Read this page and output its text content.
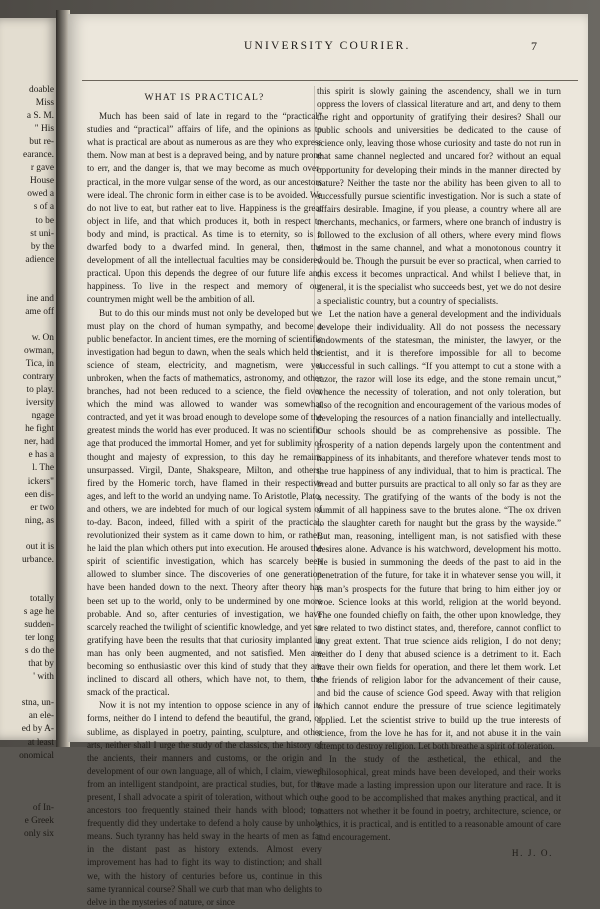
doable
Miss
a S. M.
" His
but re-
earance.
r gave
House
owed a
s of a
to be
st uni-
by the
adience
ine and
ame off
w. On
owman,
Tica, in
contrary
to play.
iversity
ngage
he fight
ner, had
e has a
l. The
ickers"
een dis-
er two
ning, as
out it is
urbance.
totally
s age he
sudden-
ter long
s do the
that by
' with
stna, un-
an ele-
ed by A-
at least
onomical
of In-
e Greek
only six
UNIVERSITY COURIER.	7
WHAT IS PRACTICAL?

Much has been said of late in regard to the “practical” studies and “practical” affairs of life, and the opinions as to what is practical are about as numerous as are they who express them. Now man at best is a depraved being, and by nature prone to err, and the danger is, that we may become as much over-practical, in the more vulgar sense of the word, as our ancestors were ideal. The chronic form in either case is to be avoided. We do not live to eat, but rather eat to live. Happiness is the great object in life, and that which produces it, both in respect to body and mind, is practical. As time is to eternity, so is a dwarfed body to a dwarfed mind. In general, then, the development of all the intellectual faculties may be considered practical. Upon this depends the degree of our future life and happiness. To live in the respect and memory of our countrymen might well be the ambition of all.

But to do this our minds must not only be developed but we must play on the chord of human sympathy, and become a public benefactor. In ancient times, ere the morning of scientific investigation had begun to dawn, when the seals which held the science of steam, electricity, and magnetism, were yet unbroken, when the facts of mathematics, astronomy, and other branches, had not been reduced to a science, the field over which the mind was allowed to wander was somewhat contracted, and yet it was broad enough to develope some of the greatest minds the world has ever produced. It was no scientific age that produced the immortal Homer, and yet for sublimity of thought and majesty of expression, to this day he remains unsurpassed. Virgil, Dante, Shakspeare, Milton, and others, fired by the Homeric torch, have flamed in their respective ages, and left to the world an undying name. To Aristotle, Plato, and others, we are indebted for much of our logical system of to-day. Bacon, indeed, filled with a spirit of the practical, revolutionized their system as it came down to him, or rather, he laid the plan which others put into execution. He aroused the spirit of scientific investigation, which has scarcely been allowed to slumber since. The discoveries of one generation have been handed down to the next. Theory after theory has been set up to the world, only to be undermined by one more probable. And so, after centuries of investigation, we have scarcely reached the twilight of scientific knowledge, and yet so gratifying have been the results that that curiosity implanted in man has only been augmented, and not satisfied. Men are becoming so enthusiastic over this kind of study that they are inclined to discard all others, which have not, to them, the smack of the practical.

Now it is not my intention to oppose science in any of its forms, neither do I intend to defend the beautiful, the grand, or sublime, as displayed in poetry, painting, sculpture, and other arts, neither shall I urge the study of the classics, the history of the ancients, their manners and customs, or the origin and development of our own language, all of which, I claim, viewed from an intelligent standpoint, are practical studies, but, for the present, I shall advocate a spirit of toleration, without which our ancestors too frequently stained their hands with blood; too frequently did they undertake to defend a holy cause by unholy means. Such tyranny has held sway in the hearts of men as far in the distant past as history extends. Almost every improvement has had to fight its way to distinction; and shall we, with the history of centuries before us, continue in this same tyrannical course? Shall we curb that man who delights to delve in the mysteries of nature, or since

this spirit is slowly gaining the ascendency, shall we in turn oppress the lovers of classical literature and art, and deny to them the right and opportunity of gratifying their desires? Shall our public schools and universities be dedicated to the cause of science only, leaving those whose curiosity and taste do not run in that same channel neglected and uncared for? without an equal opportunity for developing their minds in the manner directed by nature? Neither the taste nor the ability has been given to all to successfully pursue scientific investigation. Nor is such a state of affairs desirable. Imagine, if you please, a country where all are merchants, mechanics, or farmers, where one branch of industry is followed to the exclusion of all others, where every mind flows almost in the same channel, and what a monotonous country it would be. Though the pursuit be ever so practical, when carried to this excess it becomes unpractical. And whilst I believe that, in general, it is the specialist who succeeds best, yet we do not desire a specialistic country, but a country of specialists.

Let the nation have a general development and the individuals develope their individuality. All do not possess the necessary endowments of the statesman, the minister, the lawyer, or the scientist, and it is therefore impossible for all to become successful in such callings. “If you attempt to cut a stone with a razor, the razor will lose its edge, and the stone remain uncut,” whence the necessity of toleration, and not only toleration, but also of the recognition and encouragement of the various modes of developing the resources of a nation financially and intellectually. Our schools should be as comprehensive as possible. The prosperity of a nation depends largely upon the contentment and happiness of its inhabitants, and therefore whatever tends most to the true happiness of any individual, that to him is practical. The bread and butter pursuits are practical to all only so far as they are a necessity. The gratifying of the wants of the body is not the summit of all happiness save to the brutes alone. “The ox driven to the slaughter careth for naught but the grass by the wayside.” But man, reasoning, intelligent man, is not satisfied with these desires alone. Advance is his watchword, development his motto. He is busied in summoning the deeds of the past to aid in the penetration of the future, for take it in whatever sense you will, it is man’s prospects for the future that bring to him either joy or woe. Science looks at this world, religion at the world beyond. The one founded chiefly on faith, the other upon knowledge, they are related to two distinct states, and, therefore, cannot conflict to any great extent. That true science aids religion, I do not deny; neither do I deny that abused science is a detriment to it. Each have their own fields for operation, and there let them work. Let the friends of religion labor for the advancement of their cause, and bid the cause of science God speed. Away with that religion which cannot endure the pressure of true science legitimately applied. Let the scientist strive to build up the true interests of science, from the love he has for it, and not abuse it in the vain attempt to destroy religion. Let both breathe a spirit of toleration.

In the study of the æsthetical, the ethical, and the philosophical, great minds have been developed, and their works have made a lasting impression upon our literature and race. It is the good to be accomplished that makes anything practical, and it matters not whether it be found in poetry, architecture, science, or ethics, it is practical, and is entitled to a reasonable amount of care and encouragement.

H. J. O.
